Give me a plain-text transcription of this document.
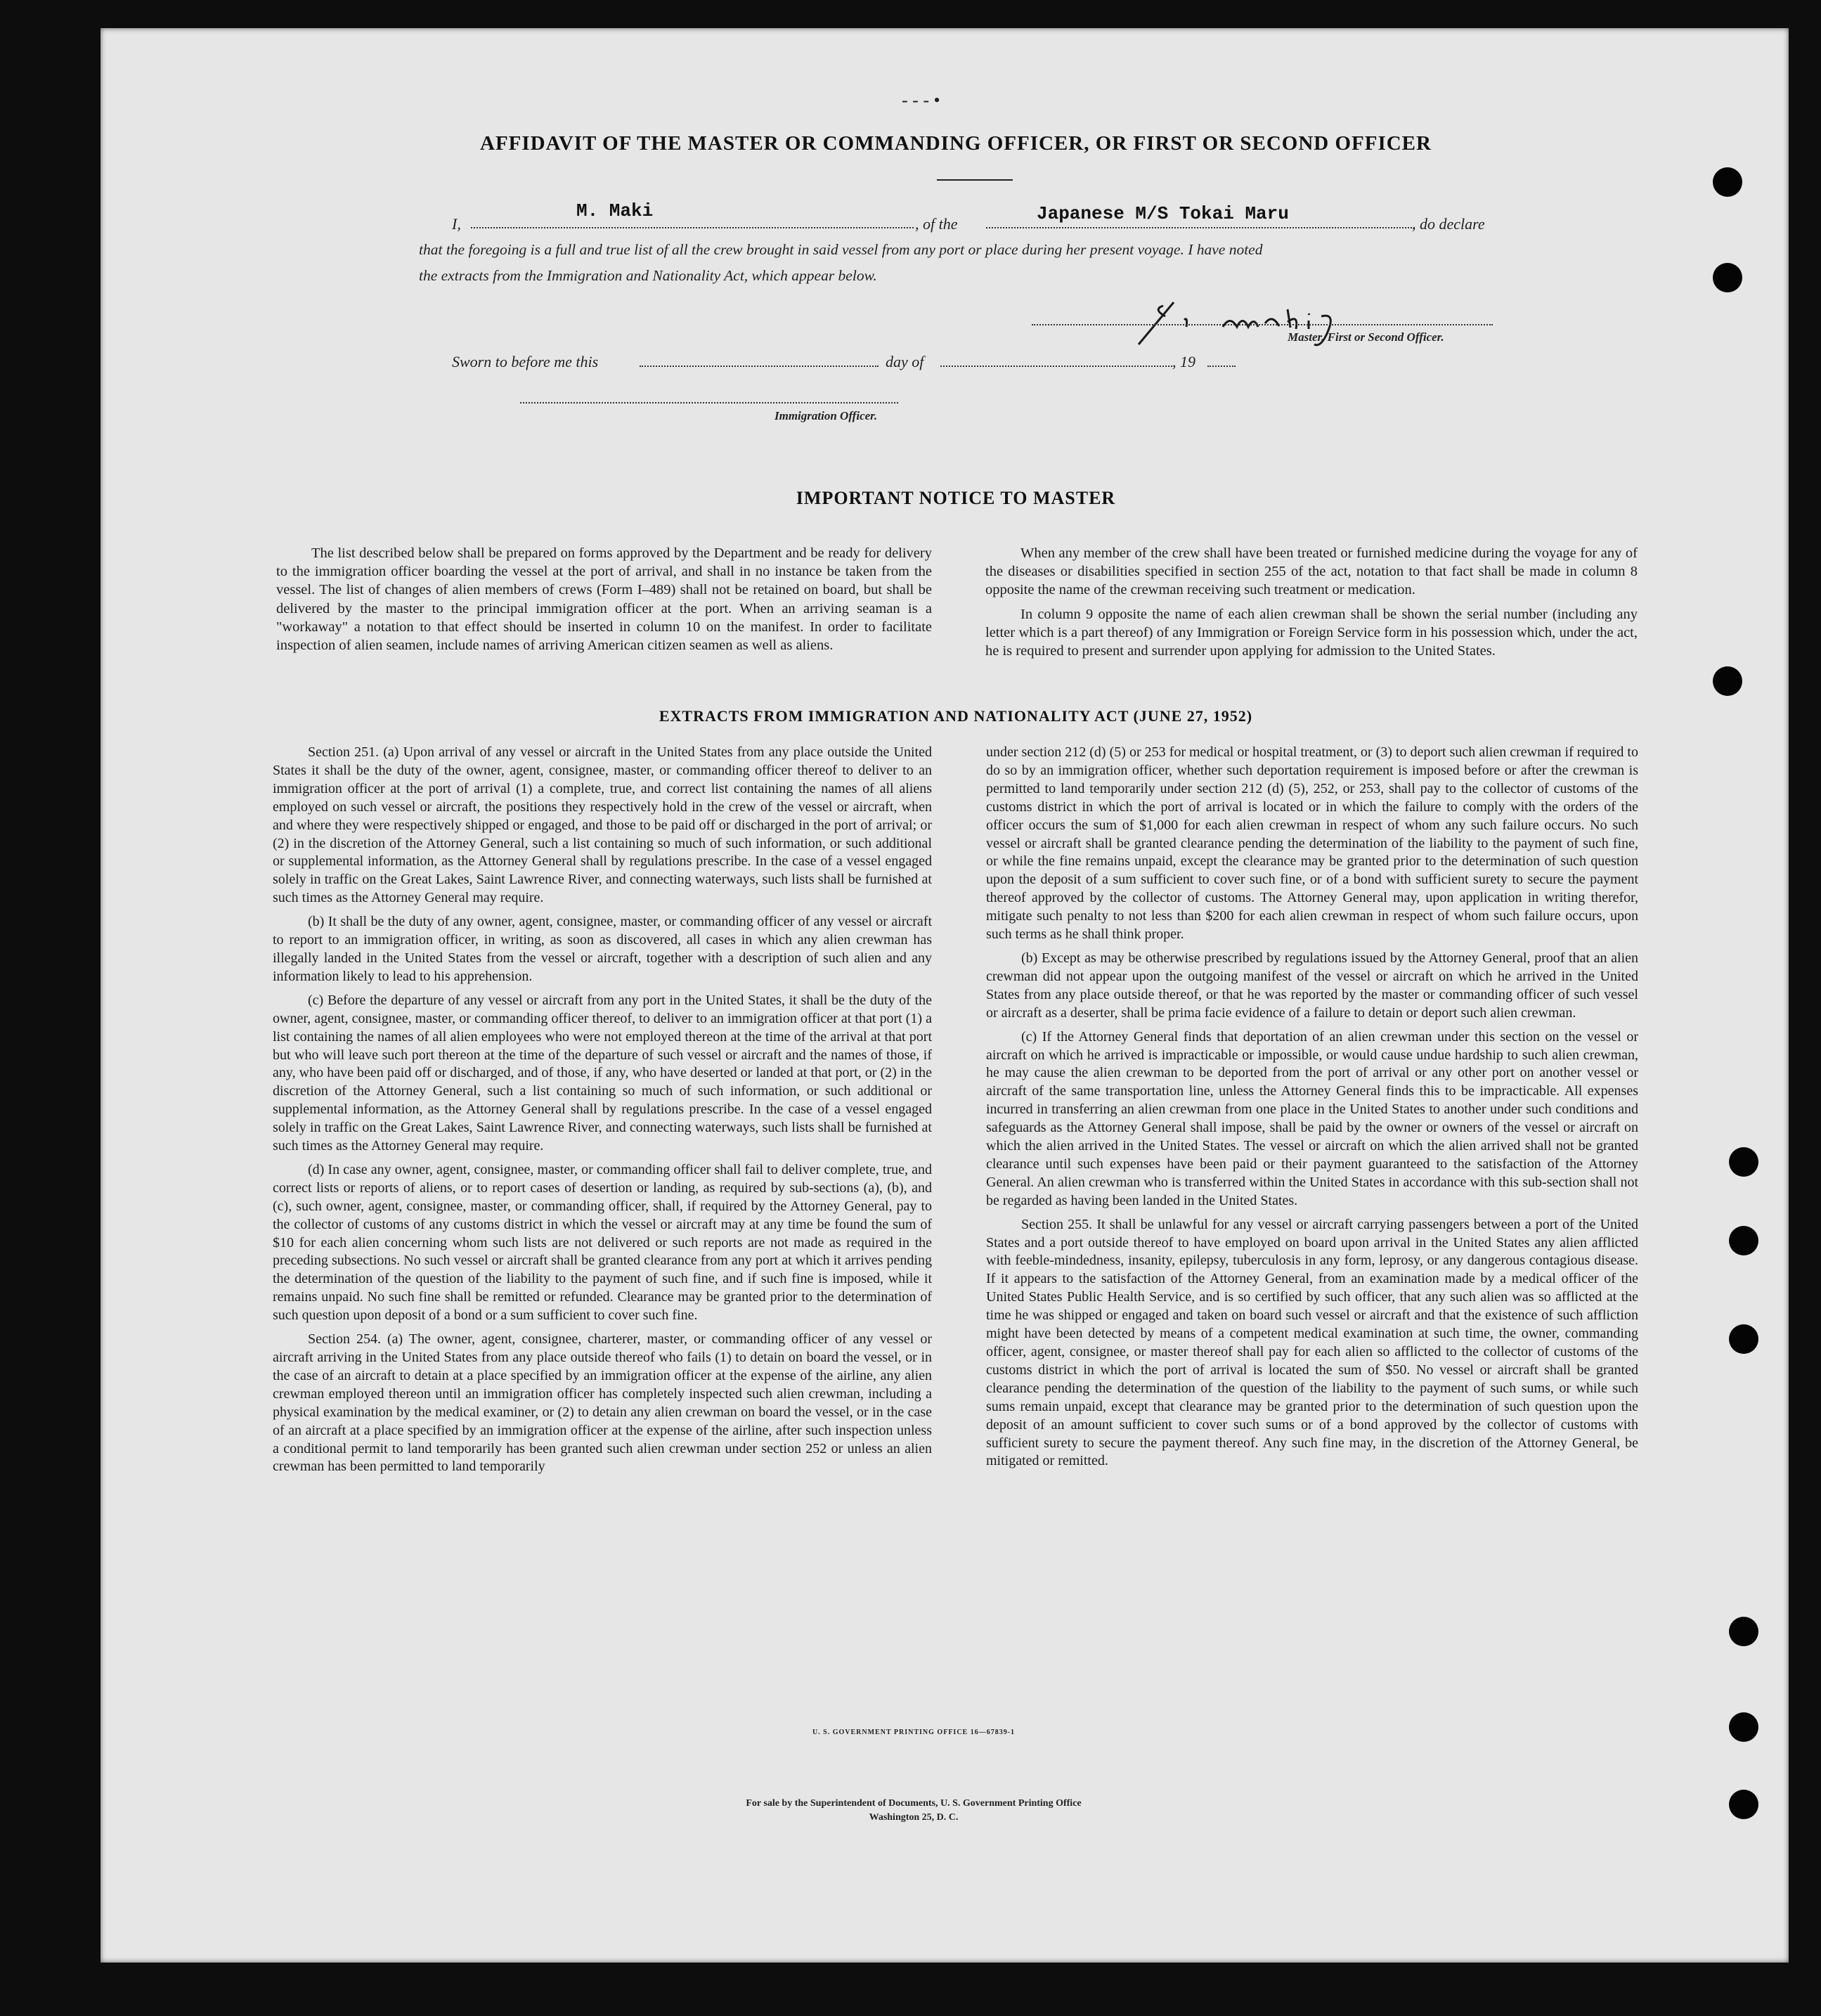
- - - •
AFFIDAVIT OF THE MASTER OR COMMANDING OFFICER, OR FIRST OR SECOND OFFICER
I,
M. Maki
, of the	Japanese M/S Tokai Maru	, do declare
that the foregoing is a full and true list of all the crew brought in said vessel from any port or place during her present voyage. I have noted
the extracts from the Immigration and Nationality Act, which appear below.
Master, First or Second Officer.
Sworn to before me this	day of	, 19
Immigration Officer.
IMPORTANT NOTICE TO MASTER

The list described below shall be prepared on forms approved by the Department and be ready for delivery to the immigration officer boarding the vessel at the port of arrival, and shall in no instance be taken from the vessel. The list of changes of alien members of crews (Form I–489) shall not be retained on board, but shall be delivered by the master to the principal immigration officer at the port. When an arriving seaman is a "workaway" a notation to that effect should be inserted in column 10 on the manifest. In order to facilitate inspection of alien seamen, include names of arriving American citizen seamen as well as aliens.

When any member of the crew shall have been treated or furnished medicine during the voyage for any of the diseases or disabilities specified in section 255 of the act, notation to that fact shall be made in column 8 opposite the name of the crewman receiving such treatment or medication.

In column 9 opposite the name of each alien crewman shall be shown the serial number (including any letter which is a part thereof) of any Immigration or Foreign Service form in his possession which, under the act, he is required to present and surrender upon applying for admission to the United States.

EXTRACTS FROM IMMIGRATION AND NATIONALITY ACT (JUNE 27, 1952)

Section 251. (a) Upon arrival of any vessel or aircraft in the United States from any place outside the United States it shall be the duty of the owner, agent, consignee, master, or commanding officer thereof to deliver to an immigration officer at the port of arrival (1) a complete, true, and correct list containing the names of all aliens employed on such vessel or aircraft, the positions they respectively hold in the crew of the vessel or aircraft, when and where they were respectively shipped or engaged, and those to be paid off or discharged in the port of arrival; or (2) in the discretion of the Attorney General, such a list containing so much of such information, or such additional or supplemental information, as the Attorney General shall by regulations prescribe. In the case of a vessel engaged solely in traffic on the Great Lakes, Saint Lawrence River, and connecting waterways, such lists shall be furnished at such times as the Attorney General may require.

(b) It shall be the duty of any owner, agent, consignee, master, or commanding officer of any vessel or aircraft to report to an immigration officer, in writing, as soon as discovered, all cases in which any alien crewman has illegally landed in the United States from the vessel or aircraft, together with a description of such alien and any information likely to lead to his apprehension.

(c) Before the departure of any vessel or aircraft from any port in the United States, it shall be the duty of the owner, agent, consignee, master, or commanding officer thereof, to deliver to an immigration officer at that port (1) a list containing the names of all alien employees who were not employed thereon at the time of the arrival at that port but who will leave such port thereon at the time of the departure of such vessel or aircraft and the names of those, if any, who have been paid off or discharged, and of those, if any, who have deserted or landed at that port, or (2) in the discretion of the Attorney General, such a list containing so much of such information, or such additional or supplemental information, as the Attorney General shall by regulations prescribe. In the case of a vessel engaged solely in traffic on the Great Lakes, Saint Lawrence River, and connecting waterways, such lists shall be furnished at such times as the Attorney General may require.

(d) In case any owner, agent, consignee, master, or commanding officer shall fail to deliver complete, true, and correct lists or reports of aliens, or to report cases of desertion or landing, as required by sub-sections (a), (b), and (c), such owner, agent, consignee, master, or commanding officer, shall, if required by the Attorney General, pay to the collector of customs of any customs district in which the vessel or aircraft may at any time be found the sum of $10 for each alien concerning whom such lists are not delivered or such reports are not made as required in the preceding subsections. No such vessel or aircraft shall be granted clearance from any port at which it arrives pending the determination of the question of the liability to the payment of such fine, and if such fine is imposed, while it remains unpaid. No such fine shall be remitted or refunded. Clearance may be granted prior to the determination of such question upon deposit of a bond or a sum sufficient to cover such fine.

Section 254. (a) The owner, agent, consignee, charterer, master, or commanding officer of any vessel or aircraft arriving in the United States from any place outside thereof who fails (1) to detain on board the vessel, or in the case of an aircraft to detain at a place specified by an immigration officer at the expense of the airline, any alien crewman employed thereon until an immigration officer has completely inspected such alien crewman, including a physical examination by the medical examiner, or (2) to detain any alien crewman on board the vessel, or in the case of an aircraft at a place specified by an immigration officer at the expense of the airline, after such inspection unless a conditional permit to land temporarily has been granted such alien crewman under section 252 or unless an alien crewman has been permitted to land temporarily

under section 212 (d) (5) or 253 for medical or hospital treatment, or (3) to deport such alien crewman if required to do so by an immigration officer, whether such deportation requirement is imposed before or after the crewman is permitted to land temporarily under section 212 (d) (5), 252, or 253, shall pay to the collector of customs of the customs district in which the port of arrival is located or in which the failure to comply with the orders of the officer occurs the sum of $1,000 for each alien crewman in respect of whom any such failure occurs. No such vessel or aircraft shall be granted clearance pending the determination of the liability to the payment of such fine, or while the fine remains unpaid, except the clearance may be granted prior to the determination of such question upon the deposit of a sum sufficient to cover such fine, or of a bond with sufficient surety to secure the payment thereof approved by the collector of customs. The Attorney General may, upon application in writing therefor, mitigate such penalty to not less than $200 for each alien crewman in respect of whom such failure occurs, upon such terms as he shall think proper.

(b) Except as may be otherwise prescribed by regulations issued by the Attorney General, proof that an alien crewman did not appear upon the outgoing manifest of the vessel or aircraft on which he arrived in the United States from any place outside thereof, or that he was reported by the master or commanding officer of such vessel or aircraft as a deserter, shall be prima facie evidence of a failure to detain or deport such alien crewman.

(c) If the Attorney General finds that deportation of an alien crewman under this section on the vessel or aircraft on which he arrived is impracticable or impossible, or would cause undue hardship to such alien crewman, he may cause the alien crewman to be deported from the port of arrival or any other port on another vessel or aircraft of the same transportation line, unless the Attorney General finds this to be impracticable. All expenses incurred in transferring an alien crewman from one place in the United States to another under such conditions and safeguards as the Attorney General shall impose, shall be paid by the owner or owners of the vessel or aircraft on which the alien arrived in the United States. The vessel or aircraft on which the alien arrived shall not be granted clearance until such expenses have been paid or their payment guaranteed to the satisfaction of the Attorney General. An alien crewman who is transferred within the United States in accordance with this sub-section shall not be regarded as having been landed in the United States.

Section 255. It shall be unlawful for any vessel or aircraft carrying passengers between a port of the United States and a port outside thereof to have employed on board upon arrival in the United States any alien afflicted with feeble-mindedness, insanity, epilepsy, tuberculosis in any form, leprosy, or any dangerous contagious disease. If it appears to the satisfaction of the Attorney General, from an examination made by a medical officer of the United States Public Health Service, and is so certified by such officer, that any such alien was so afflicted at the time he was shipped or engaged and taken on board such vessel or aircraft and that the existence of such affliction might have been detected by means of a competent medical examination at such time, the owner, commanding officer, agent, consignee, or master thereof shall pay for each alien so afflicted to the collector of customs of the customs district in which the port of arrival is located the sum of $50. No vessel or aircraft shall be granted clearance pending the determination of the question of the liability to the payment of such sums, or while such sums remain unpaid, except that clearance may be granted prior to the determination of such question upon the deposit of an amount sufficient to cover such sums or of a bond approved by the collector of customs with sufficient surety to secure the payment thereof. Any such fine may, in the discretion of the Attorney General, be mitigated or remitted.

U. S. GOVERNMENT PRINTING OFFICE 16—67839-1
For sale by the Superintendent of Documents, U. S. Government Printing Office
Washington 25, D. C.
